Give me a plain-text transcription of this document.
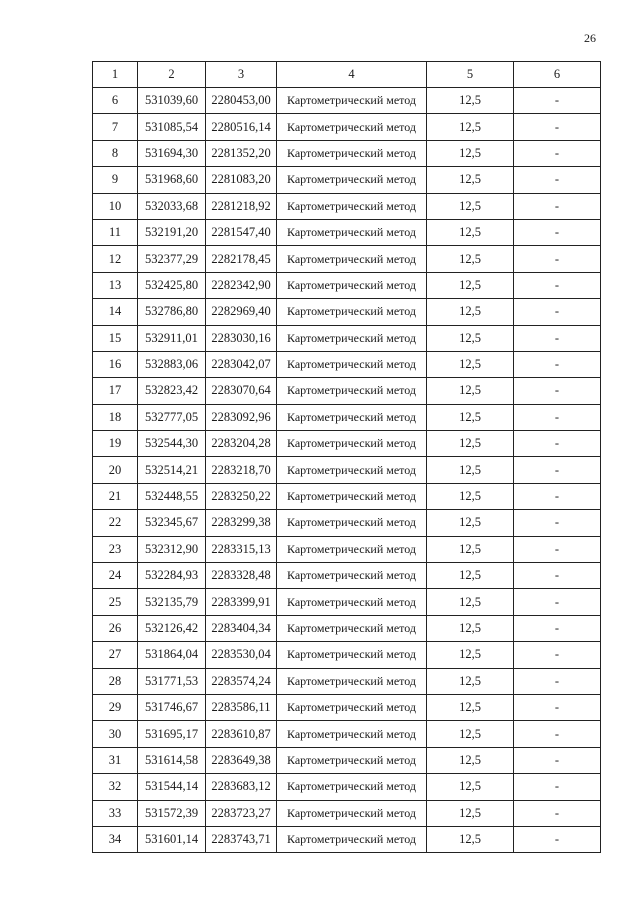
26
1	2	3	4	5	6
6	531039,60	2280453,00	Картометрический метод	12,5	-
7	531085,54	2280516,14	Картометрический метод	12,5	-
8	531694,30	2281352,20	Картометрический метод	12,5	-
9	531968,60	2281083,20	Картометрический метод	12,5	-
10	532033,68	2281218,92	Картометрический метод	12,5	-
11	532191,20	2281547,40	Картометрический метод	12,5	-
12	532377,29	2282178,45	Картометрический метод	12,5	-
13	532425,80	2282342,90	Картометрический метод	12,5	-
14	532786,80	2282969,40	Картометрический метод	12,5	-
15	532911,01	2283030,16	Картометрический метод	12,5	-
16	532883,06	2283042,07	Картометрический метод	12,5	-
17	532823,42	2283070,64	Картометрический метод	12,5	-
18	532777,05	2283092,96	Картометрический метод	12,5	-
19	532544,30	2283204,28	Картометрический метод	12,5	-
20	532514,21	2283218,70	Картометрический метод	12,5	-
21	532448,55	2283250,22	Картометрический метод	12,5	-
22	532345,67	2283299,38	Картометрический метод	12,5	-
23	532312,90	2283315,13	Картометрический метод	12,5	-
24	532284,93	2283328,48	Картометрический метод	12,5	-
25	532135,79	2283399,91	Картометрический метод	12,5	-
26	532126,42	2283404,34	Картометрический метод	12,5	-
27	531864,04	2283530,04	Картометрический метод	12,5	-
28	531771,53	2283574,24	Картометрический метод	12,5	-
29	531746,67	2283586,11	Картометрический метод	12,5	-
30	531695,17	2283610,87	Картометрический метод	12,5	-
31	531614,58	2283649,38	Картометрический метод	12,5	-
32	531544,14	2283683,12	Картометрический метод	12,5	-
33	531572,39	2283723,27	Картометрический метод	12,5	-
34	531601,14	2283743,71	Картометрический метод	12,5	-
